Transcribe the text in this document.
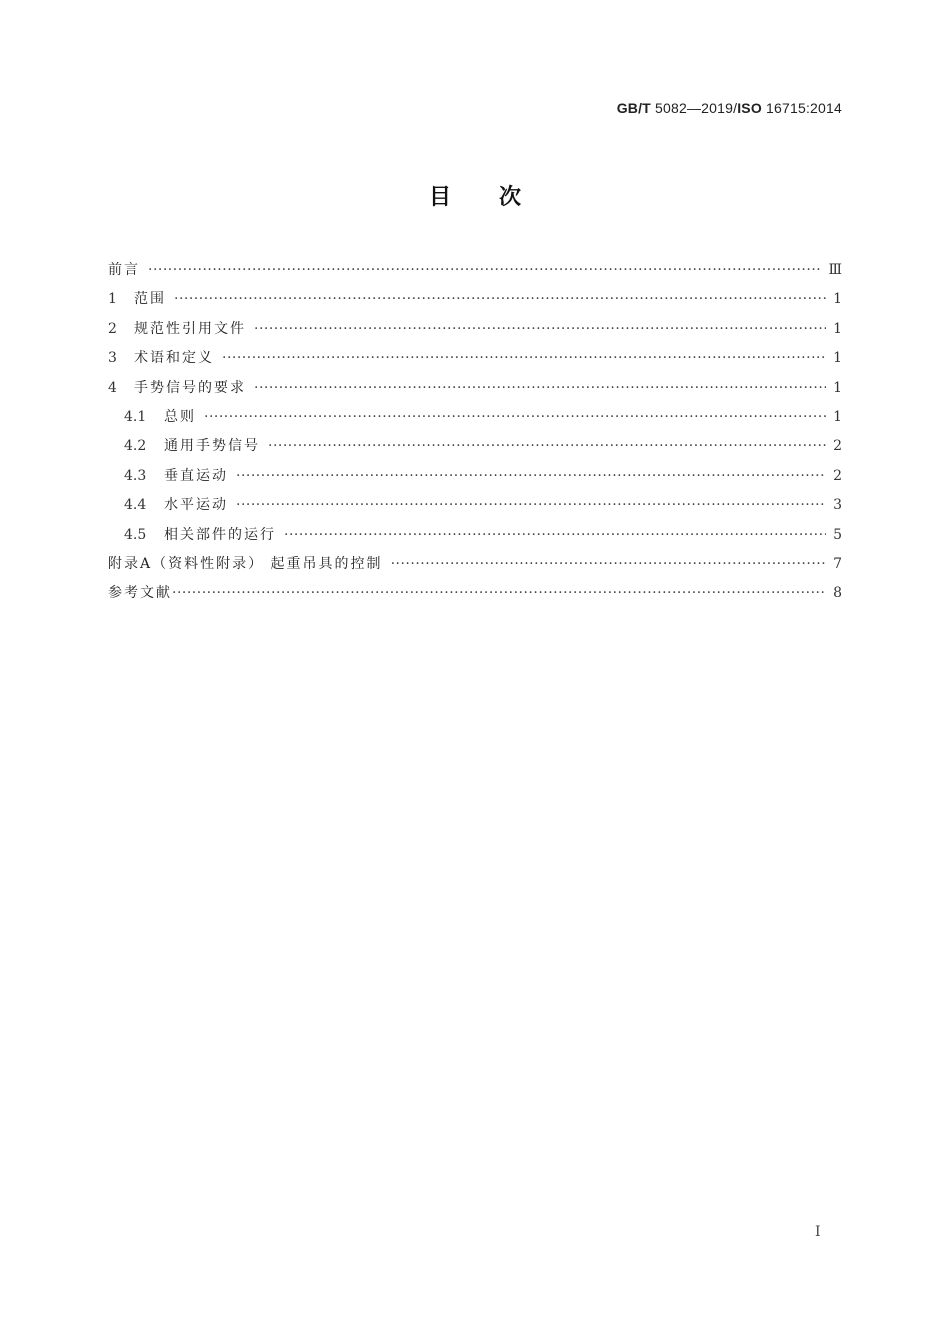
GB/T 5082—2019/ISO 16715:2014
目次
前言 ·····	Ⅲ
1	范围 ·····	1
2	规范性引用文件 ·····	1
3	术语和定义 ·····	1
4	手势信号的要求 ·····	1
4.1	总则 ·····	1
4.2	通用手势信号 ·····	2
4.3	垂直运动 ·····	2
4.4	水平运动 ·····	3
4.5	相关部件的运行 ·····	5
附录A（资料性附录） 起重吊具的控制 ·····	7
参考文献 ·····	8
I
